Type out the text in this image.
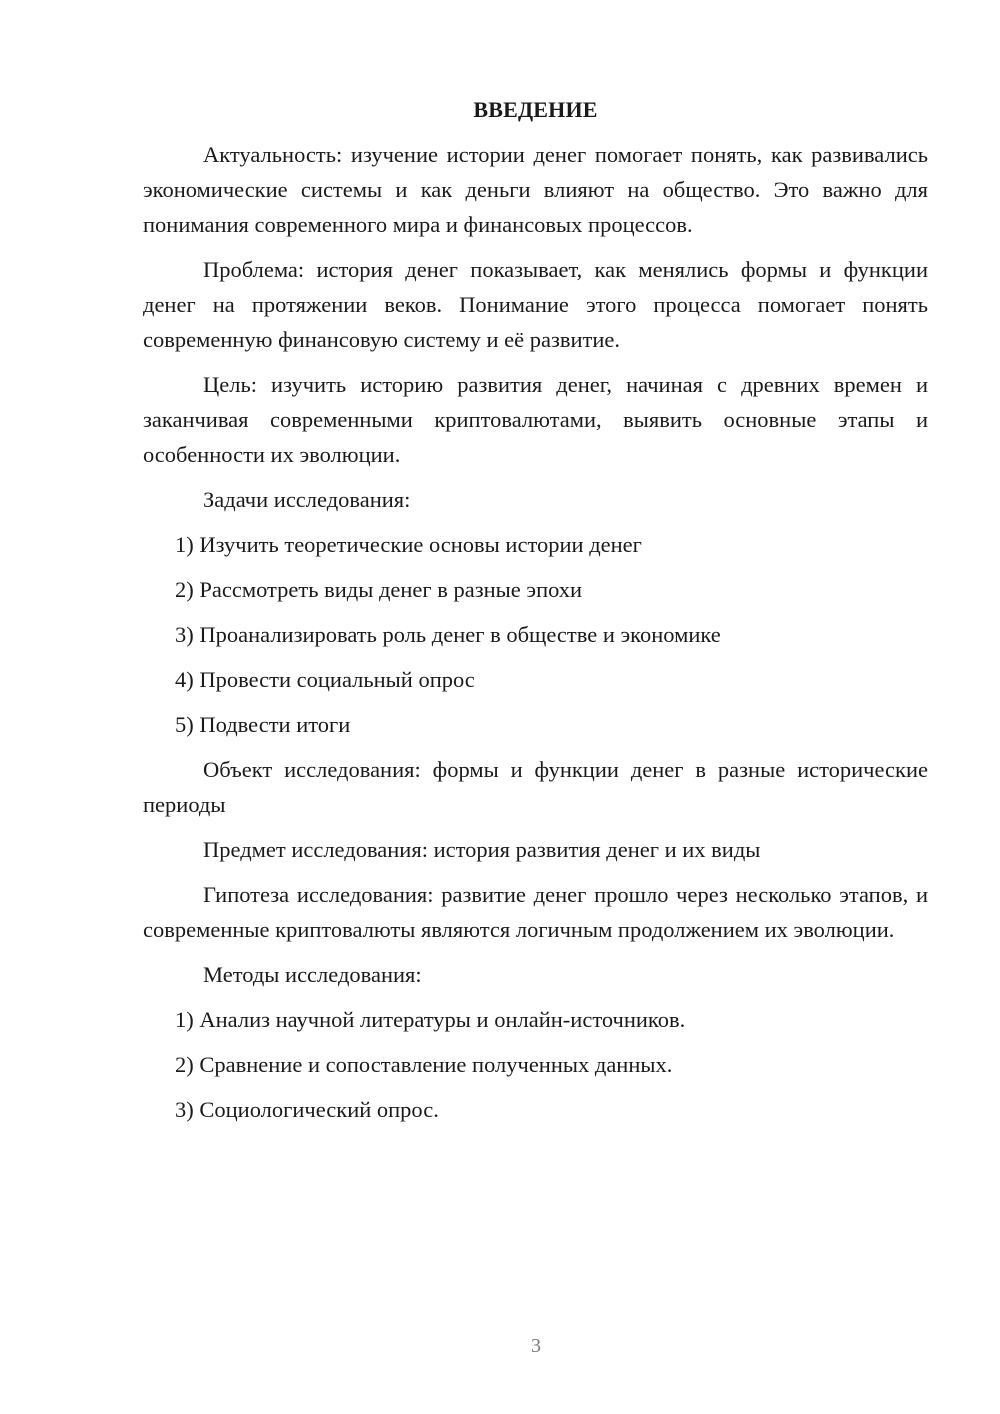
ВВЕДЕНИЕ

Актуальность: изучение истории денег помогает понять, как развивались экономические системы и как деньги влияют на общество. Это важно для понимания современного мира и финансовых процессов.

Проблема: история денег показывает, как менялись формы и функции денег на протяжении веков. Понимание этого процесса помогает понять современную финансовую систему и её развитие.

Цель: изучить историю развития денег, начиная с древних времен и заканчивая современными криптовалютами, выявить основные этапы и особенности их эволюции.

Задачи исследования:

1) Изучить теоретические основы истории денег

2) Рассмотреть виды денег в разные эпохи

3) Проанализировать роль денег в обществе и экономике

4) Провести социальный опрос

5) Подвести итоги

Объект исследования: формы и функции денег в разные исторические периоды

Предмет исследования: история развития денег и их виды

Гипотеза исследования: развитие денег прошло через несколько этапов, и современные криптовалюты являются логичным продолжением их эволюции.

Методы исследования:

1) Анализ научной литературы и онлайн-источников.

2) Сравнение и сопоставление полученных данных.

3) Социологический опрос.

3
